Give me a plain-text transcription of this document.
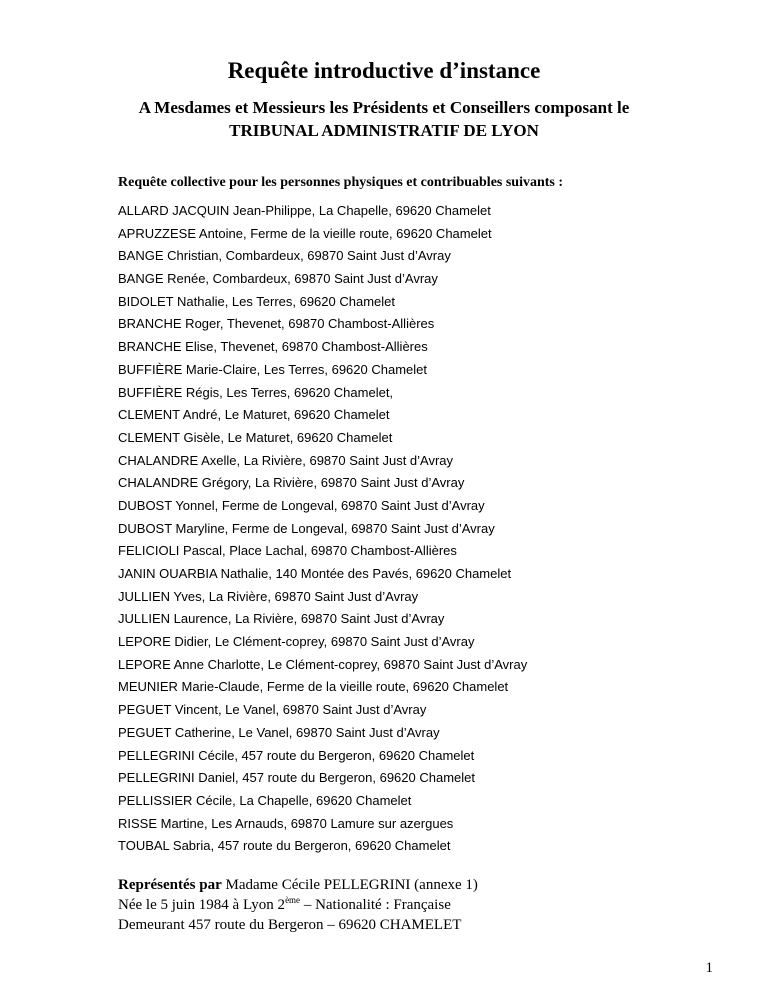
Requête introductive d’instance
A Mesdames et Messieurs les Présidents et Conseillers composant le
TRIBUNAL ADMINISTRATIF DE LYON
Requête collective pour les personnes physiques et contribuables suivants :
ALLARD JACQUIN Jean-Philippe, La Chapelle, 69620 Chamelet
APRUZZESE Antoine, Ferme de la vieille route, 69620 Chamelet
BANGE Christian, Combardeux, 69870 Saint Just d’Avray
BANGE Renée, Combardeux, 69870 Saint Just d’Avray
BIDOLET Nathalie, Les Terres, 69620 Chamelet
BRANCHE Roger, Thevenet, 69870 Chambost-Allières
BRANCHE Elise, Thevenet, 69870 Chambost-Allières
BUFFIÈRE Marie-Claire, Les Terres, 69620 Chamelet
BUFFIÈRE Régis, Les Terres, 69620 Chamelet,
CLEMENT André, Le Maturet, 69620 Chamelet
CLEMENT Gisèle, Le Maturet, 69620 Chamelet
CHALANDRE Axelle, La Rivière, 69870 Saint Just d’Avray
CHALANDRE Grégory, La Rivière, 69870 Saint Just d’Avray
DUBOST Yonnel, Ferme de Longeval, 69870 Saint Just d’Avray
DUBOST Maryline, Ferme de Longeval, 69870 Saint Just d’Avray
FELICIOLI Pascal, Place Lachal, 69870 Chambost-Allières
JANIN OUARBIA Nathalie, 140 Montée des Pavés, 69620 Chamelet
JULLIEN Yves, La Rivière, 69870 Saint Just d’Avray
JULLIEN Laurence, La Rivière, 69870 Saint Just d’Avray
LEPORE Didier, Le Clément-coprey, 69870 Saint Just d’Avray
LEPORE Anne Charlotte, Le Clément-coprey, 69870 Saint Just d’Avray
MEUNIER Marie-Claude, Ferme de la vieille route, 69620 Chamelet
PEGUET Vincent, Le Vanel, 69870 Saint Just d’Avray
PEGUET Catherine, Le Vanel, 69870 Saint Just d’Avray
PELLEGRINI Cécile, 457 route du Bergeron, 69620 Chamelet
PELLEGRINI Daniel, 457 route du Bergeron, 69620 Chamelet
PELLISSIER Cécile, La Chapelle, 69620 Chamelet
RISSE Martine, Les Arnauds, 69870 Lamure sur azergues
TOUBAL Sabria, 457 route du Bergeron, 69620 Chamelet
Représentés par Madame Cécile PELLEGRINI (annexe 1)
Née le 5 juin 1984 à Lyon 2ème – Nationalité : Française
Demeurant 457 route du Bergeron – 69620 CHAMELET
1
